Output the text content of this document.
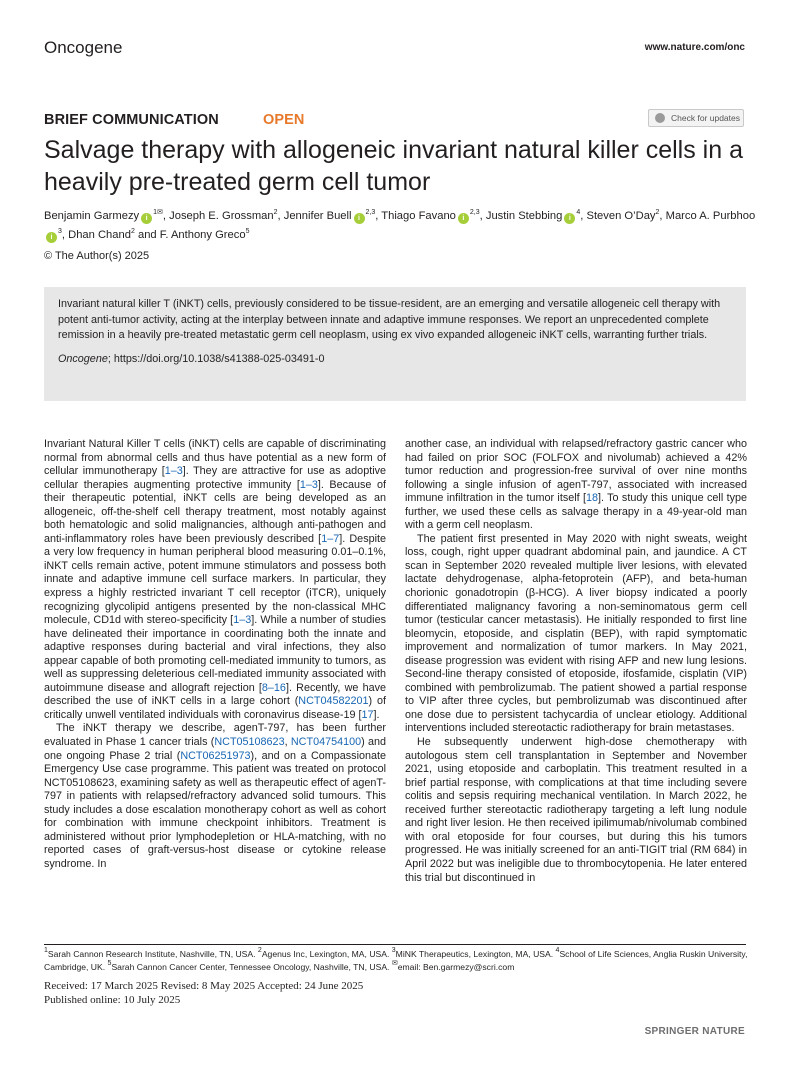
Oncogene	www.nature.com/onc
BRIEF COMMUNICATION	OPEN	Check for updates
Salvage therapy with allogeneic invariant natural killer cells in a heavily pre-treated germ cell tumor
Benjamin Garmezy $i^{1✉}$, Joseph E. Grossman$^2$, Jennifer Buell $i^{2,3}$, Thiago Favano $i^{2,3}$, Justin Stebbing $i^4$, Steven O’Day$^2$, Marco A. Purbhooi$^3$, Dhan Chand$^2$ and F. Anthony Greco$^5$
© The Author(s) 2025
Invariant natural killer T (iNKT) cells, previously considered to be tissue-resident, are an emerging and versatile allogeneic cell therapy with potent anti-tumor activity, acting at the interplay between innate and adaptive immune responses. We report an unprecedented complete remission in a heavily pre-treated metastatic germ cell neoplasm, using ex vivo expanded allogeneic iNKT cells, warranting further trials.
Oncogene; https://doi.org/10.1038/s41388-025-03491-0

Invariant Natural Killer T cells (iNKT) cells are capable of discriminating normal from abnormal cells and thus have potential as a new form of cellular immunotherapy [1–3]. They are attractive for use as adoptive cellular therapies augmenting protective immunity [1–3]. Because of their therapeutic potential, iNKT cells are being developed as an allogeneic, off-the-shelf cell therapy treatment, most notably against both hematologic and solid malignancies, although anti-pathogen and anti-inflammatory roles have been previously described [1–7]. Despite a very low frequency in human peripheral blood measuring 0.01–0.1%, iNKT cells remain active, potent immune stimulators and possess both innate and adaptive immune cell surface markers. In particular, they express a highly restricted invariant T cell receptor (iTCR), uniquely recognizing glycolipid antigens presented by the non-classical MHC molecule, CD1d with stereo-specificity [1–3]. While a number of studies have delineated their importance in coordinating both the innate and adaptive responses during bacterial and viral infections, they also appear capable of both promoting cell-mediated immunity to tumors, as well as suppressing deleterious cell-mediated immunity associated with autoimmune disease and allograft rejection [8–16]. Recently, we have described the use of iNKT cells in a large cohort (NCT04582201) of critically unwell ventilated individuals with coronavirus disease-19 [17].

The iNKT therapy we describe, agenT-797, has been further evaluated in Phase 1 cancer trials (NCT05108623, NCT04754100) and one ongoing Phase 2 trial (NCT06251973), and on a Compassionate Emergency Use case programme. This patient was treated on protocol NCT05108623, examining safety as well as therapeutic effect of agenT-797 in patients with relapsed/refractory advanced solid tumours. This study includes a dose escalation monotherapy cohort as well as cohort for combination with immune checkpoint inhibitors. Treatment is administered without prior lymphodepletion or HLA-matching, with no reported cases of graft-versus-host disease or cytokine release syndrome. In

another case, an individual with relapsed/refractory gastric cancer who had failed on prior SOC (FOLFOX and nivolumab) achieved a 42% tumor reduction and progression-free survival of over nine months following a single infusion of agenT-797, associated with increased immune infiltration in the tumor itself [18]. To study this unique cell type further, we used these cells as salvage therapy in a 49-year-old man with a germ cell neoplasm.

The patient first presented in May 2020 with night sweats, weight loss, cough, right upper quadrant abdominal pain, and jaundice. A CT scan in September 2020 revealed multiple liver lesions, with elevated lactate dehydrogenase, alpha-fetoprotein (AFP), and beta-human chorionic gonadotropin (β-HCG). A liver biopsy indicated a poorly differentiated malignancy favoring a non-seminomatous germ cell tumor (testicular cancer metastasis). He initially responded to first line bleomycin, etoposide, and cisplatin (BEP), with rapid symptomatic improvement and normalization of tumor markers. In May 2021, disease progression was evident with rising AFP and new lung lesions. Second-line therapy consisted of etoposide, ifosfamide, cisplatin (VIP) combined with pembrolizumab. The patient showed a partial response to VIP after three cycles, but pembrolizumab was discontinued after one dose due to persistent tachycardia of unclear etiology. Additional interventions included stereotactic radiotherapy for brain metastases.

He subsequently underwent high-dose chemotherapy with autologous stem cell transplantation in September and November 2021, using etoposide and carboplatin. This treatment resulted in a brief partial response, with complications at that time including severe colitis and sepsis requiring mechanical ventilation. In March 2022, he received further stereotactic radiotherapy targeting a left lung nodule and right liver lesion. He then received ipilimumab/nivolumab combined with oral etoposide for four courses, but during this his tumors progressed. He was initially screened for an anti-TIGIT trial (RM 684) in April 2022 but was ineligible due to thrombocytopenia. He later entered this trial but discontinued in

$^1$Sarah Cannon Research Institute, Nashville, TN, USA. $^2$Agenus Inc, Lexington, MA, USA. $^3$MiNK Therapeutics, Lexington, MA, USA. $^4$School of Life Sciences, Anglia Ruskin University, Cambridge, UK. $^5$Sarah Cannon Cancer Center, Tennessee Oncology, Nashville, TN, USA. ✉email: Ben.garmezy@scri.com
Received: 17 March 2025 Revised: 8 May 2025 Accepted: 24 June 2025
Published online: 10 July 2025
SPRINGER NATURE
